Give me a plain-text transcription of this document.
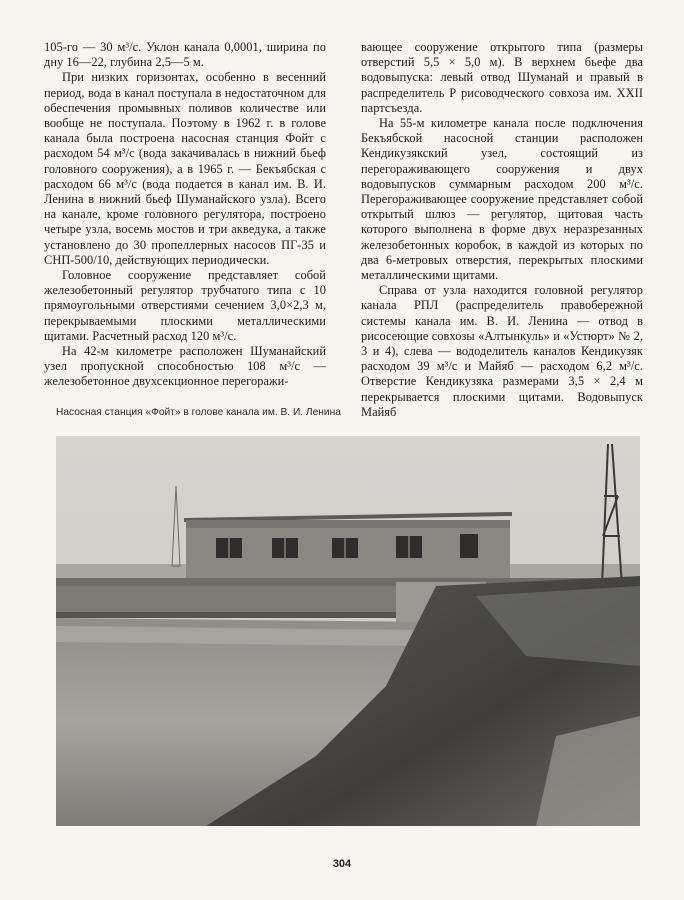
105-го — 30 м³/с. Уклон канала 0,0001, ширина по дну 16—22, глубина 2,5—5 м.

При низких горизонтах, особенно в весенний период, вода в канал поступала в недостаточном для обеспечения промывных поливов количестве или вообще не поступала. Поэтому в 1962 г. в голове канала была построена насосная станция Фойт с расходом 54 м³/с (вода закачивалась в нижний бьеф головного сооружения), а в 1965 г. — Бекъябская с расходом 66 м³/с (вода подается в канал им. В. И. Ленина в нижний бьеф Шуманайского узла). Всего на канале, кроме головного регулятора, построено четыре узла, восемь мостов и три акведука, а также установлено до 30 пропеллерных насосов ПГ-35 и СНП-500/10, действующих периодически.

Головное сооружение представляет собой железобетонный регулятор трубчатого типа с 10 прямоугольными отверстиями сечением 3,0×2,3 м, перекрываемыми плоскими металлическими щитами. Расчетный расход 120 м³/с.

На 42-м километре расположен Шуманайский узел пропускной способностью 108 м³/с — железобетонное двухсекционное перегоражи-

вающее сооружение открытого типа (размеры отверстий 5,5 × 5,0 м). В верхнем бьефе два водовыпуска: левый отвод Шуманай и правый в распределитель Р рисоводческого совхоза им. XXII партсъезда.

На 55-м километре канала после подключения Бекъябской насосной станции расположен Кендикузякский узел, состоящий из перегораживающего сооружения и двух водовыпусков суммарным расходом 200 м³/с. Перегораживающее сооружение представляет собой открытый шлюз — регулятор, щитовая часть которого выполнена в форме двух неразрезанных железобетонных коробок, в каждой из которых по два 6-метровых отверстия, перекрытых плоскими металлическими щитами.

Справа от узла находится головной регулятор канала РПЛ (распределитель правобережной системы канала им. В. И. Ленина — отвод в рисосеющие совхозы «Алтынкуль» и «Устюрт» № 2, 3 и 4), слева — вододелитель каналов Кендикузяк расходом 39 м³/с и Майяб — расходом 6,2 м³/с. Отверстие Кендикузяка размерами 3,5 × 2,4 м перекрывается плоскими щитами. Водовыпуск Майяб

Насосная станция «Фойт» в голове канала им. В. И. Ленина
304
